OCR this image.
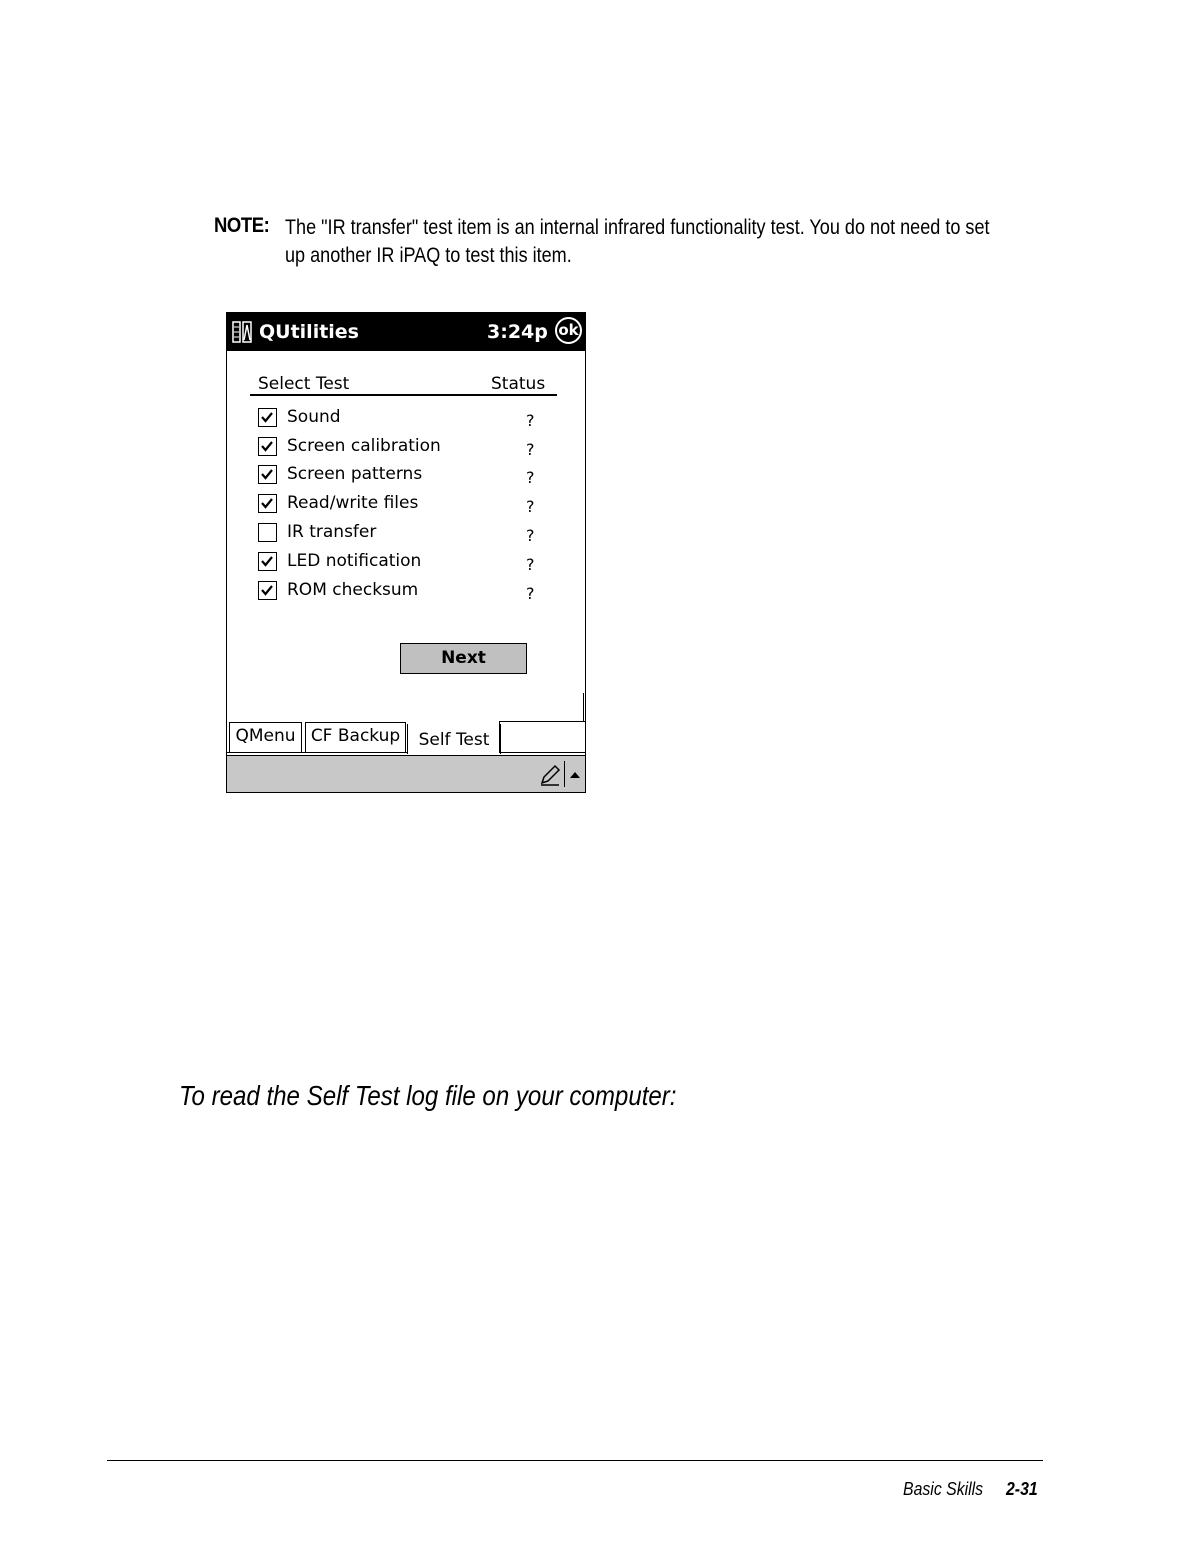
NOTE: The "IR transfer" test item is an internal infrared functionality test. You do not need to set up another IR iPAQ to test this item.
QUtilities	3:24p ok
Select Test	Status
Sound	?
Screen calibration	?
Screen patterns	?
Read/write files	?
IR transfer	?
LED notification	?
ROM checksum	?
Next
QMenu CF Backup	Self Test
To read the Self Test log file on your computer:
Basic Skills 2-31
